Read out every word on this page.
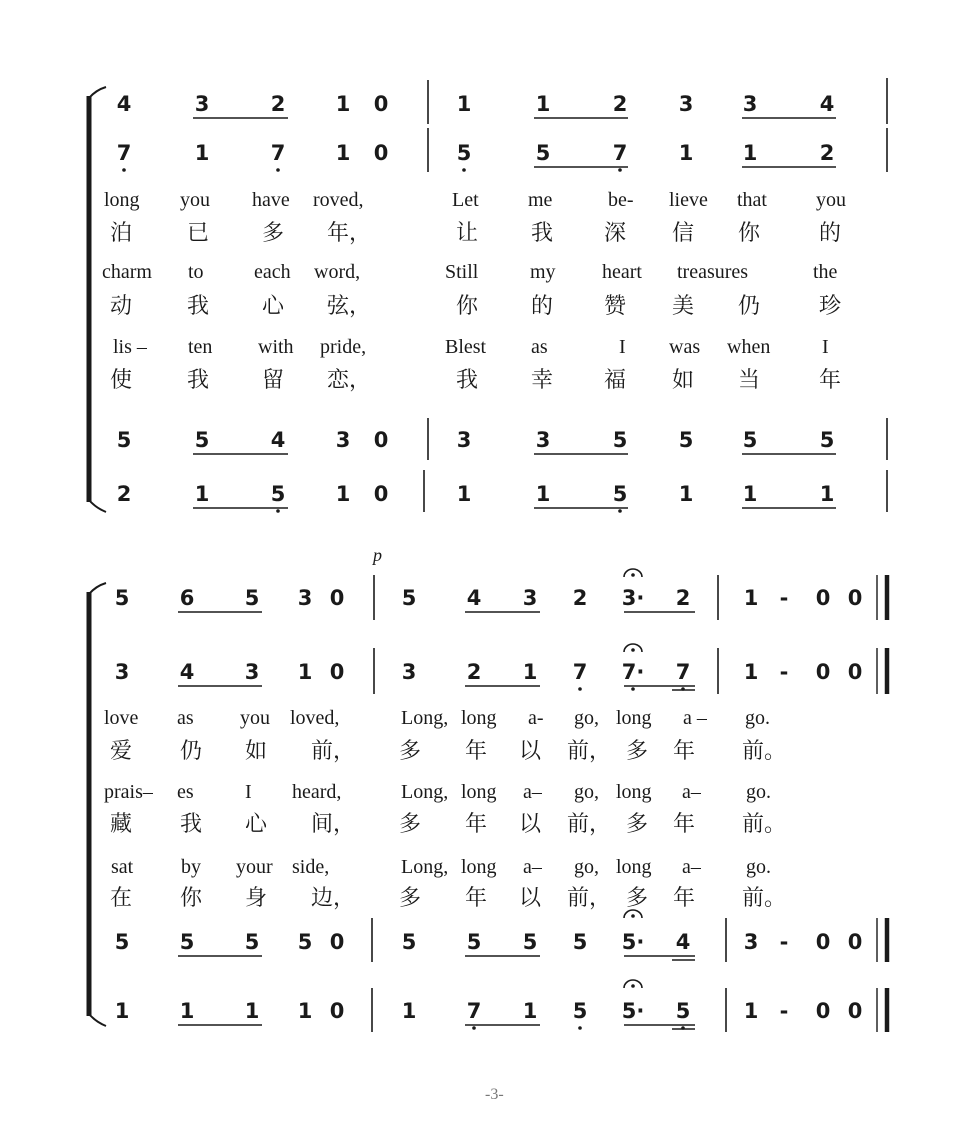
4	3	2 1 0	1	1	2 3 3	4
7	1	7 1 0	5	5	7 1 1	2
5	5	4 3 0	3	3	5 5 5	5
2	1	5 1 0	1	1	5 1 1	1
long you have roved,	Let me	be- lieve that you
泊 已 多 年，	让 我 深 信 你	的
charm to	each word,	Still	my heart treasures	the
动 我 心 弦，	你 的 赞 美 仍	珍
lis – ten with pride,	Blest as	I was when	I
使 我 留 恋，	我 幸 福 如 当	年
p
5 6 5 3 0	5 4 3 2 3· 2	1	-	0 0
3 4 3 1 0	3 2 1 7 7· 7	1	-	0 0
5 5 5 5 0	5 5 5 5 5· 4	3	-	0 0
1 1 1 1 0	1 7 1 5 5· 5	1	-	0 0
love as you loved,	Long, long a- go, long a – go.
爱 仍 如 前， 多 年 以 前， 多 年 前。
prais– es	I heard,	Long, long a– go, long a– go.
藏 我 心 间， 多 年 以 前， 多 年 前。
sat by your side,	Long, long a– go, long a– go.
在 你 身 边， 多 年 以 前， 多 年 前。
-3-
